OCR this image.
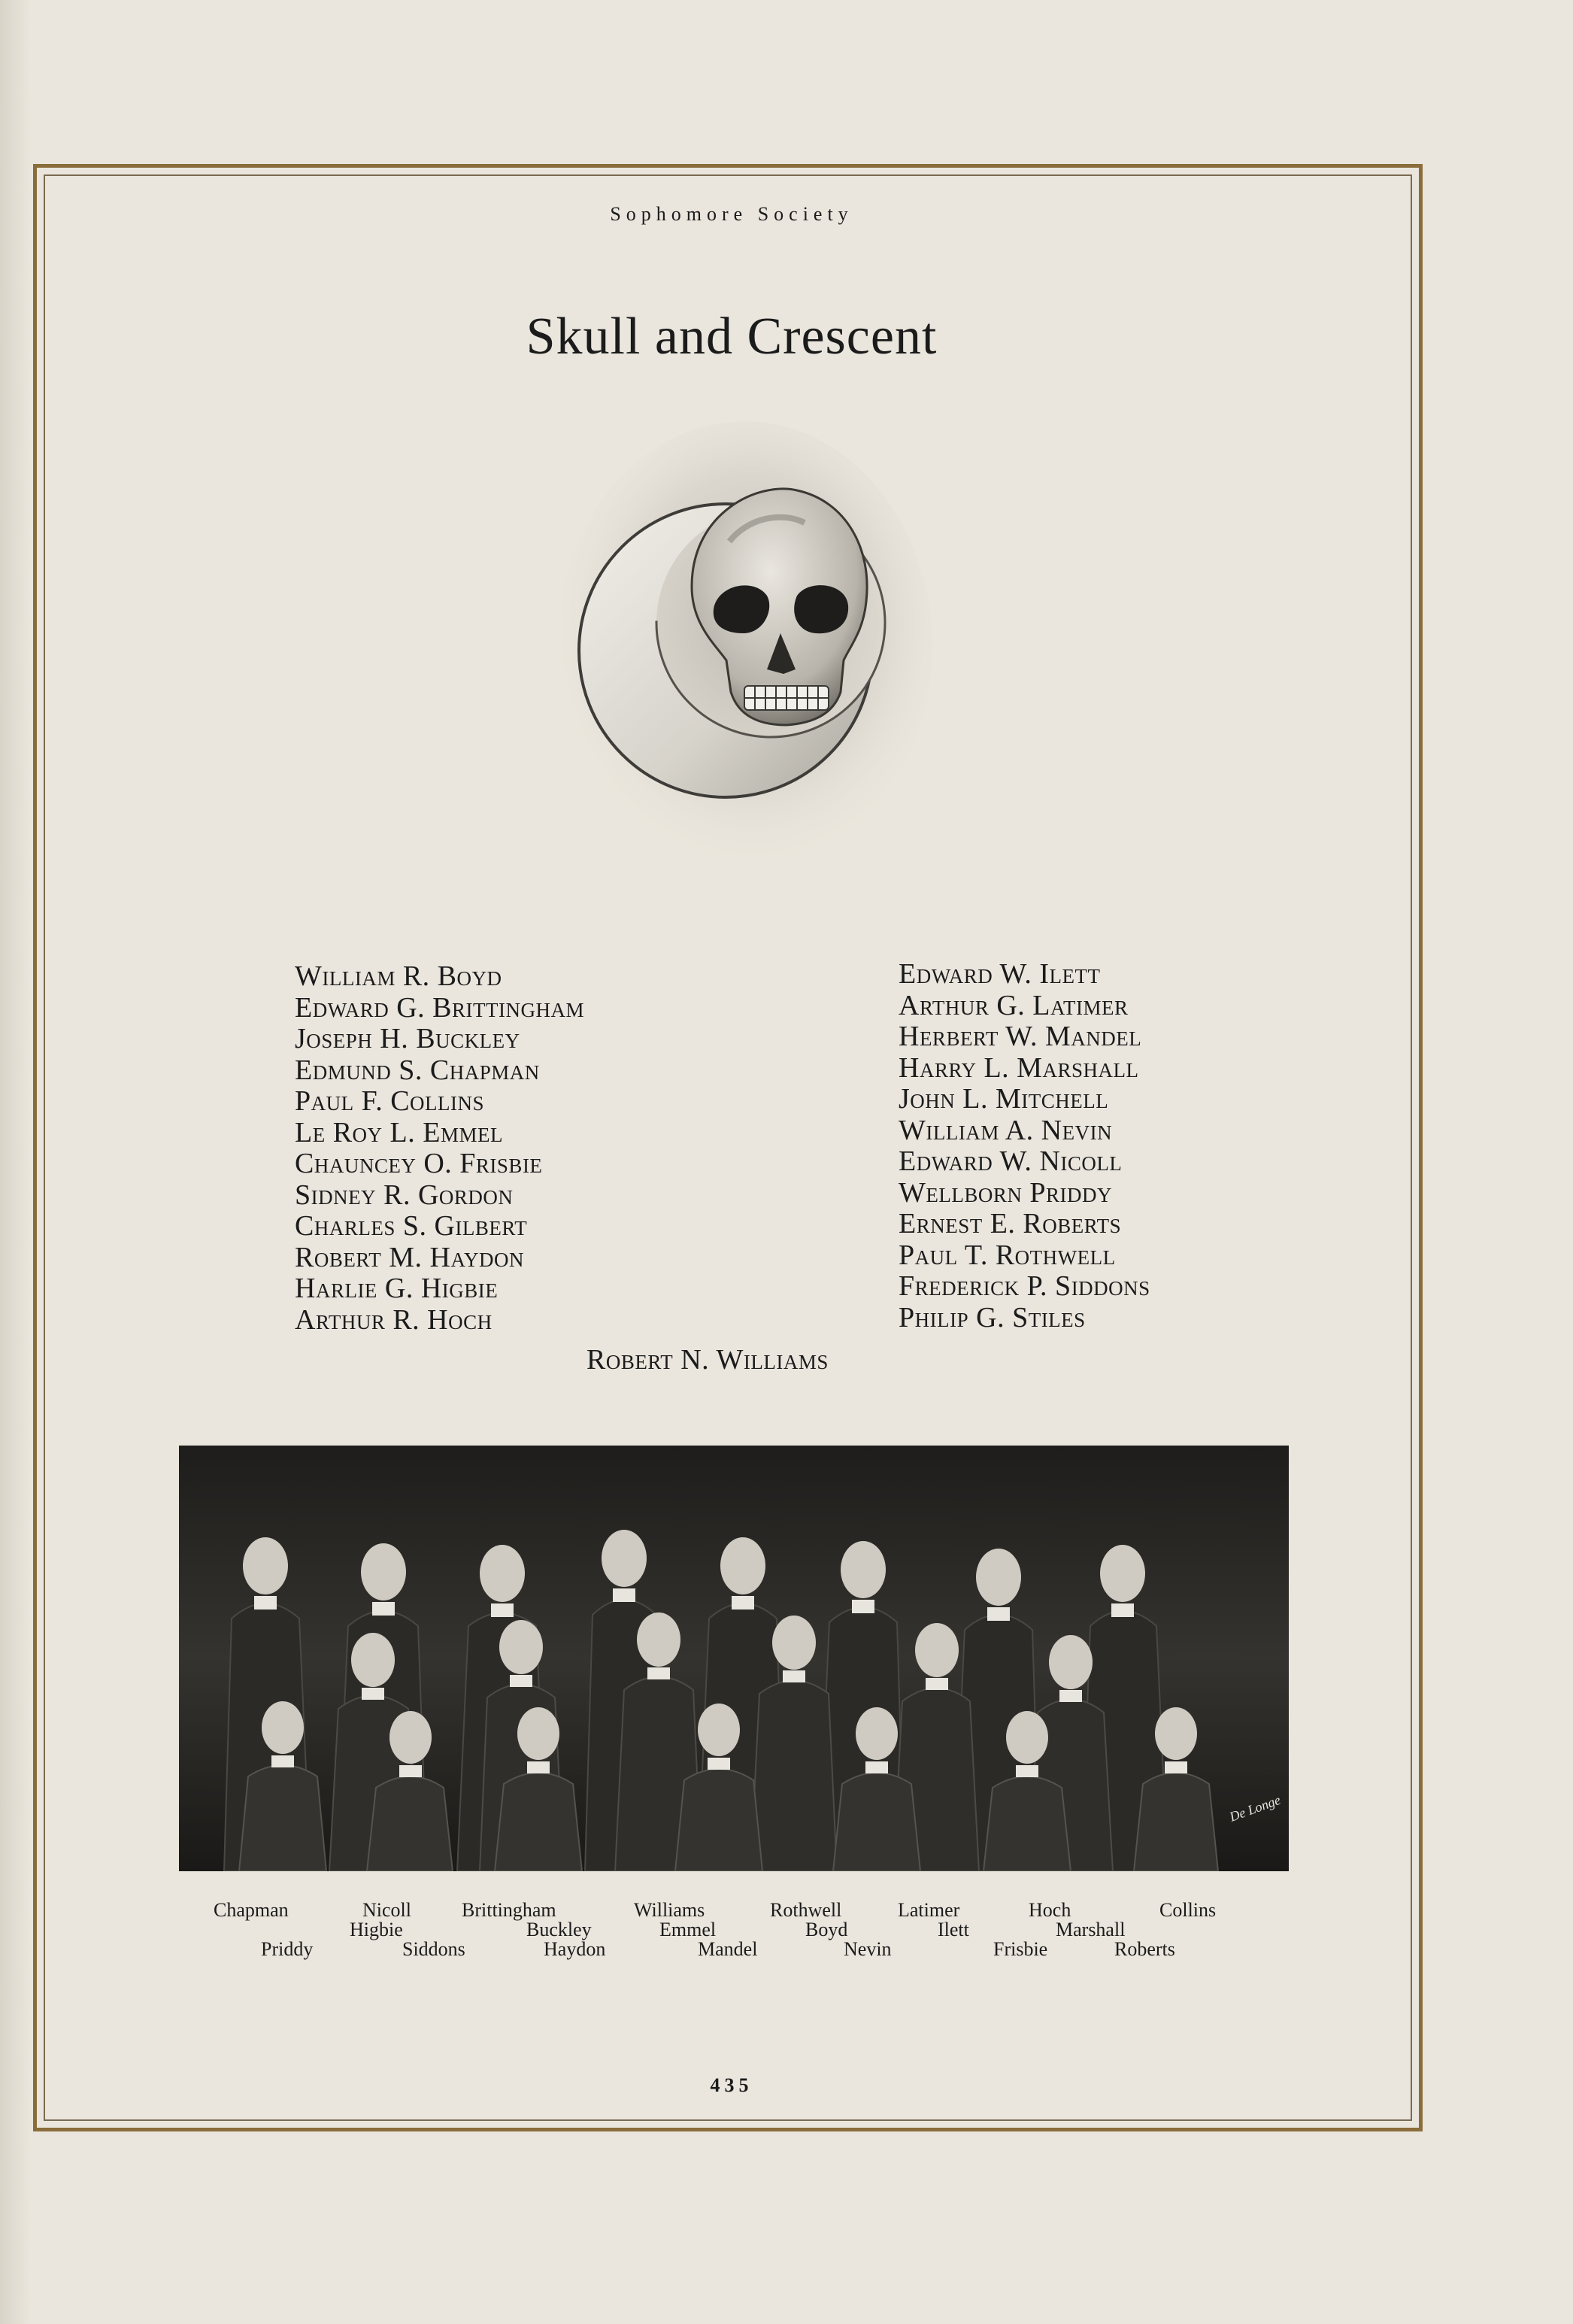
Sophomore Society
Skull and Crescent
William R. Boyd
Edward G. Brittingham
Joseph H. Buckley
Edmund S. Chapman
Paul F. Collins
Le Roy L. Emmel
Chauncey O. Frisbie
Sidney R. Gordon
Charles S. Gilbert
Robert M. Haydon
Harlie G. Higbie
Arthur R. Hoch
Edward W. Ilett
Arthur G. Latimer
Herbert W. Mandel
Harry L. Marshall
John L. Mitchell
William A. Nevin
Edward W. Nicoll
Wellborn Priddy
Ernest E. Roberts
Paul T. Rothwell
Frederick P. Siddons
Philip G. Stiles
Robert N. Williams
De Longe
Chapman	Nicoll	Brittingham	Williams	Rothwell	Latimer	Hoch	Collins
Higbie	Buckley	Emmel	Boyd	Ilett	Marshall
Priddy	Siddons	Haydon	Mandel	Nevin	Frisbie	Roberts
435
